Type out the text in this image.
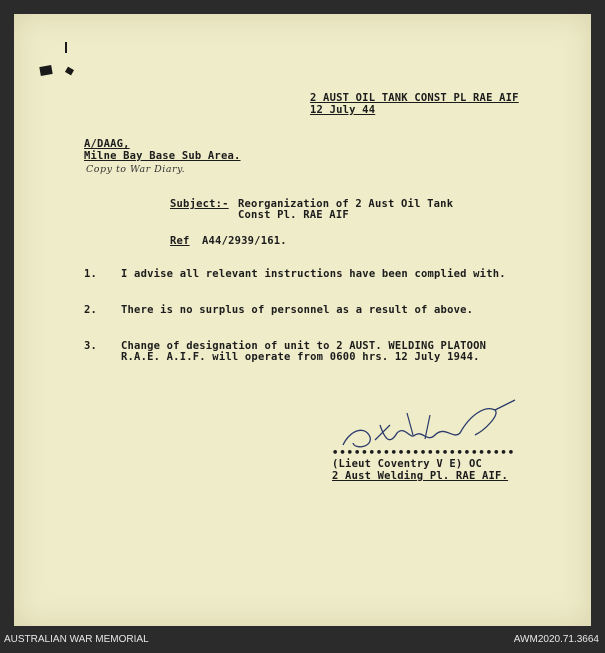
2 AUST OIL TANK CONST PL RAE AIF
12 July 44
A/DAAG,
Milne Bay Base Sub Area.
Copy to War Diary.
Subject:- Reorganization of 2 Aust Oil Tank
Const Pl. RAE AIF
Ref A44/2939/161.
1. I advise all relevant instructions have been complied with.
2. There is no surplus of personnel as a result of above.
3. Change of designation of unit to 2 AUST. WELDING PLATOON
R.A.E. A.I.F. will operate from 0600 hrs. 12 July 1944.
•••••••••••••••••••••••••
(Lieut Coventry V E) OC
2 Aust Welding Pl. RAE AIF.
AUSTRALIAN WAR MEMORIAL	AWM2020.71.3664
